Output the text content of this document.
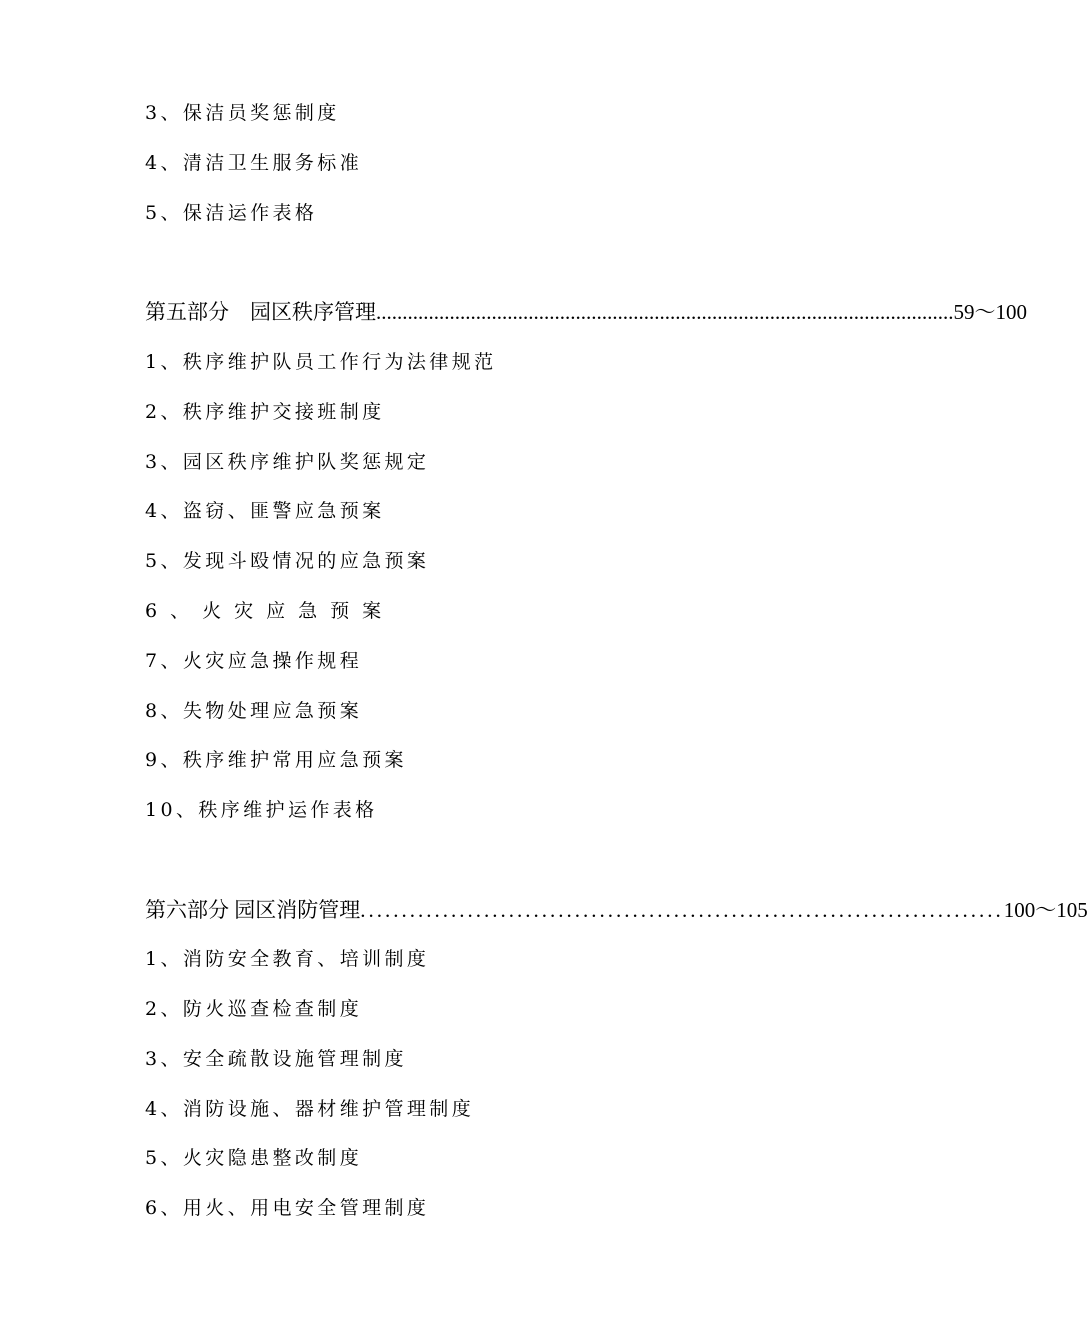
3、保洁员奖惩制度
4、清洁卫生服务标准
5、保洁运作表格
第五部分　园区秩序管理 .............................................................................................................. 59～100
1、秩序维护队员工作行为法律规范
2、秩序维护交接班制度
3、园区秩序维护队奖惩规定
4、盗窃、匪警应急预案
5、发现斗殴情况的应急预案
6、火灾应急预案
7、火灾应急操作规程
8、失物处理应急预案
9、秩序维护常用应急预案
10、秩序维护运作表格
第六部分 园区消防管理 .............................................................................. 100～105
1、消防安全教育、培训制度
2、防火巡查检查制度
3、安全疏散设施管理制度
4、消防设施、器材维护管理制度
5、火灾隐患整改制度
6、用火、用电安全管理制度
